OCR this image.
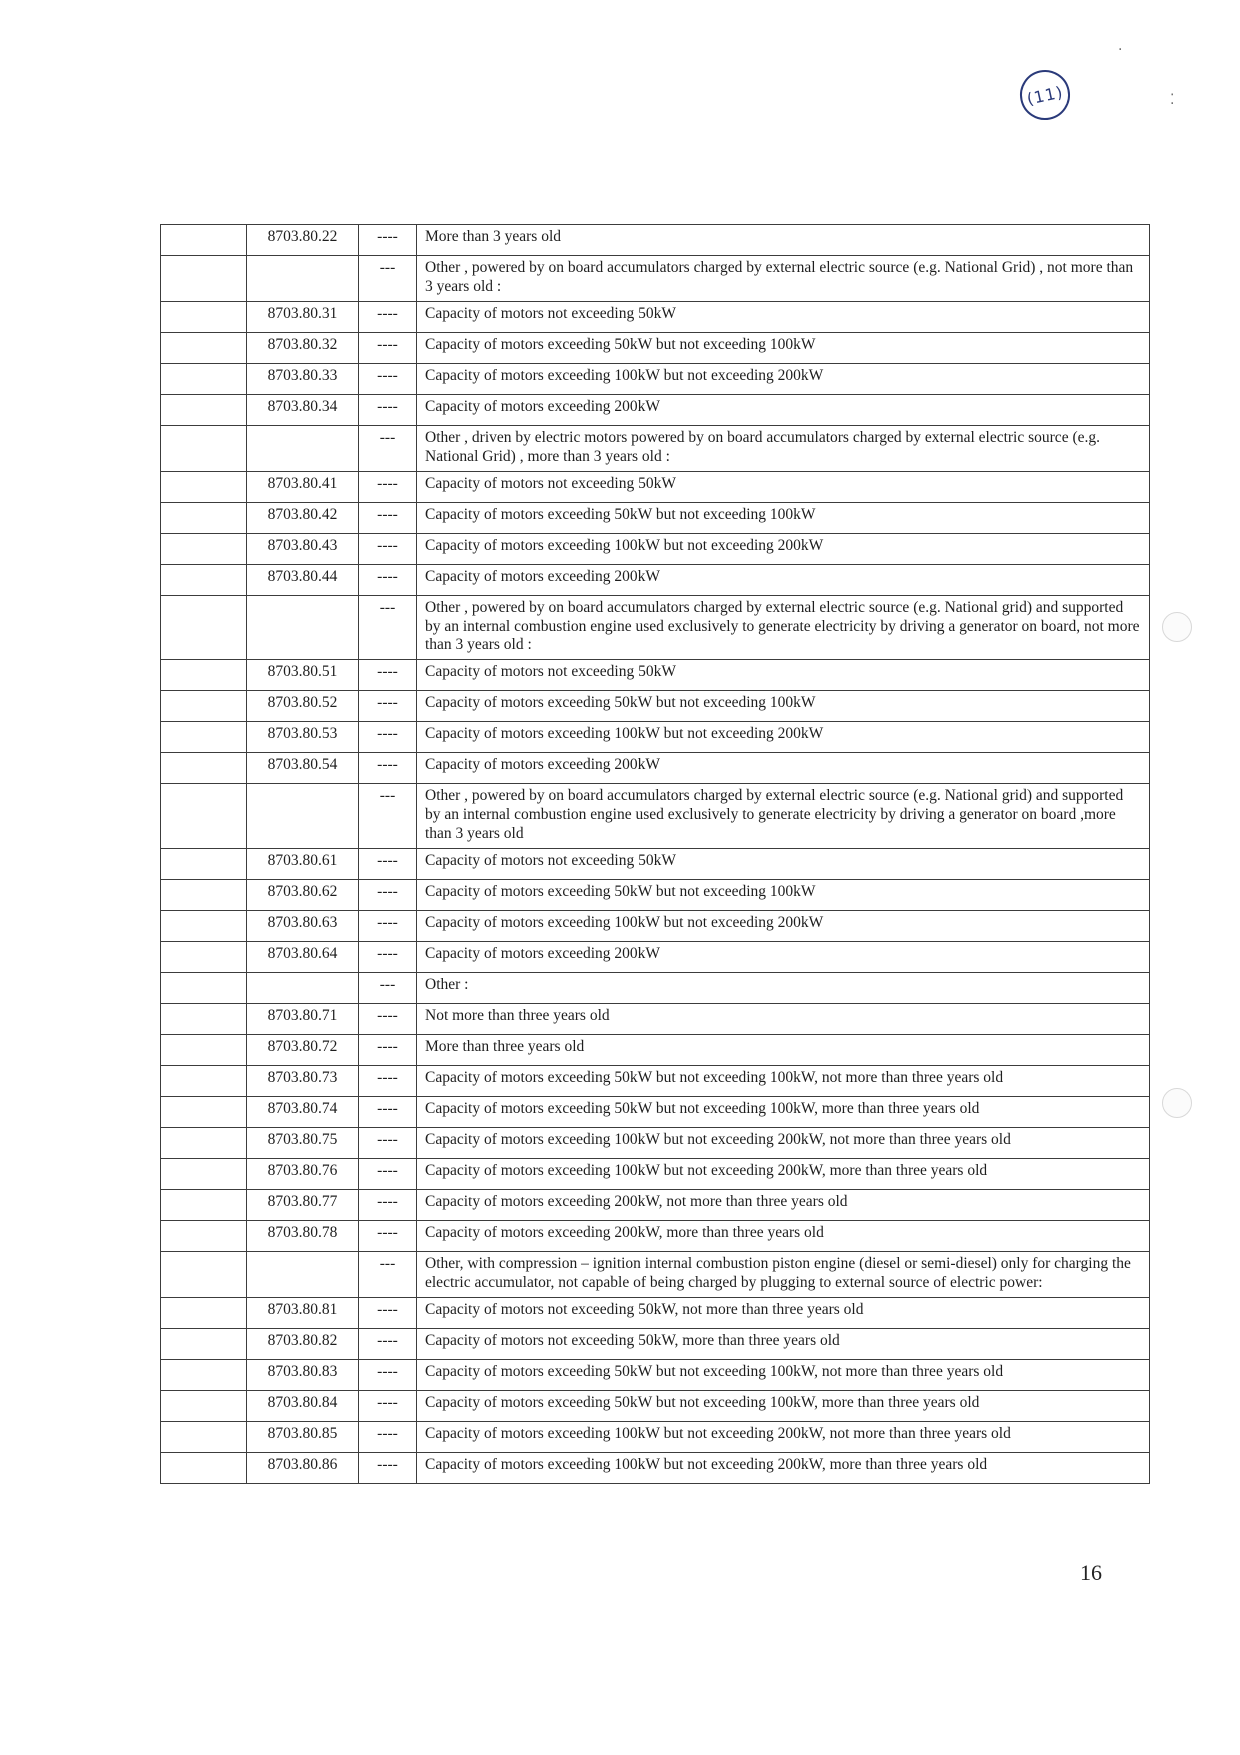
(11)
·
⁚
	8703.80.22	----	More than 3 years old
		---	Other , powered by on board accumulators charged by external electric source (e.g. National Grid) , not more than 3 years old :
	8703.80.31	----	Capacity of motors not exceeding 50kW
	8703.80.32	----	Capacity of motors exceeding 50kW but not exceeding 100kW
	8703.80.33	----	Capacity of motors exceeding 100kW but not exceeding 200kW
	8703.80.34	----	Capacity of motors exceeding 200kW
		---	Other , driven by electric motors powered by on board accumulators charged by external electric source (e.g. National Grid) , more than 3 years old :
	8703.80.41	----	Capacity of motors not exceeding 50kW
	8703.80.42	----	Capacity of motors exceeding 50kW but not exceeding 100kW
	8703.80.43	----	Capacity of motors exceeding 100kW but not exceeding 200kW
	8703.80.44	----	Capacity of motors exceeding 200kW
		---	Other , powered by on board accumulators charged by external electric source (e.g. National grid) and supported by an internal combustion engine used exclusively to generate electricity by driving a generator on board, not more than 3 years old :
	8703.80.51	----	Capacity of motors not exceeding 50kW
	8703.80.52	----	Capacity of motors exceeding 50kW but not exceeding 100kW
	8703.80.53	----	Capacity of motors exceeding 100kW but not exceeding 200kW
	8703.80.54	----	Capacity of motors exceeding 200kW
		---	Other , powered by on board accumulators charged by external electric source (e.g. National grid) and supported by an internal combustion engine used exclusively to generate electricity by driving a generator on board ,more than 3 years old
	8703.80.61	----	Capacity of motors not exceeding 50kW
	8703.80.62	----	Capacity of motors exceeding 50kW but not exceeding 100kW
	8703.80.63	----	Capacity of motors exceeding 100kW but not exceeding 200kW
	8703.80.64	----	Capacity of motors exceeding 200kW
		---	Other :
	8703.80.71	----	Not more than three years old
	8703.80.72	----	More than three years old
	8703.80.73	----	Capacity of motors exceeding 50kW but not exceeding 100kW, not more than three years old
	8703.80.74	----	Capacity of motors exceeding 50kW but not exceeding 100kW, more than three years old
	8703.80.75	----	Capacity of motors exceeding 100kW but not exceeding 200kW, not more than three years old
	8703.80.76	----	Capacity of motors exceeding 100kW but not exceeding 200kW, more than three years old
	8703.80.77	----	Capacity of motors exceeding 200kW, not more than three years old
	8703.80.78	----	Capacity of motors exceeding 200kW, more than three years old
		---	Other, with compression – ignition internal combustion piston engine (diesel or semi-diesel) only for charging the electric accumulator, not capable of being charged by plugging to external source of electric power:
	8703.80.81	----	Capacity of motors not exceeding 50kW, not more than three years old
	8703.80.82	----	Capacity of motors not exceeding 50kW, more than three years old
	8703.80.83	----	Capacity of motors exceeding 50kW but not exceeding 100kW, not more than three years old
	8703.80.84	----	Capacity of motors exceeding 50kW but not exceeding 100kW, more than three years old
	8703.80.85	----	Capacity of motors exceeding 100kW but not exceeding 200kW, not more than three years old
	8703.80.86	----	Capacity of motors exceeding 100kW but not exceeding 200kW, more than three years old
16
